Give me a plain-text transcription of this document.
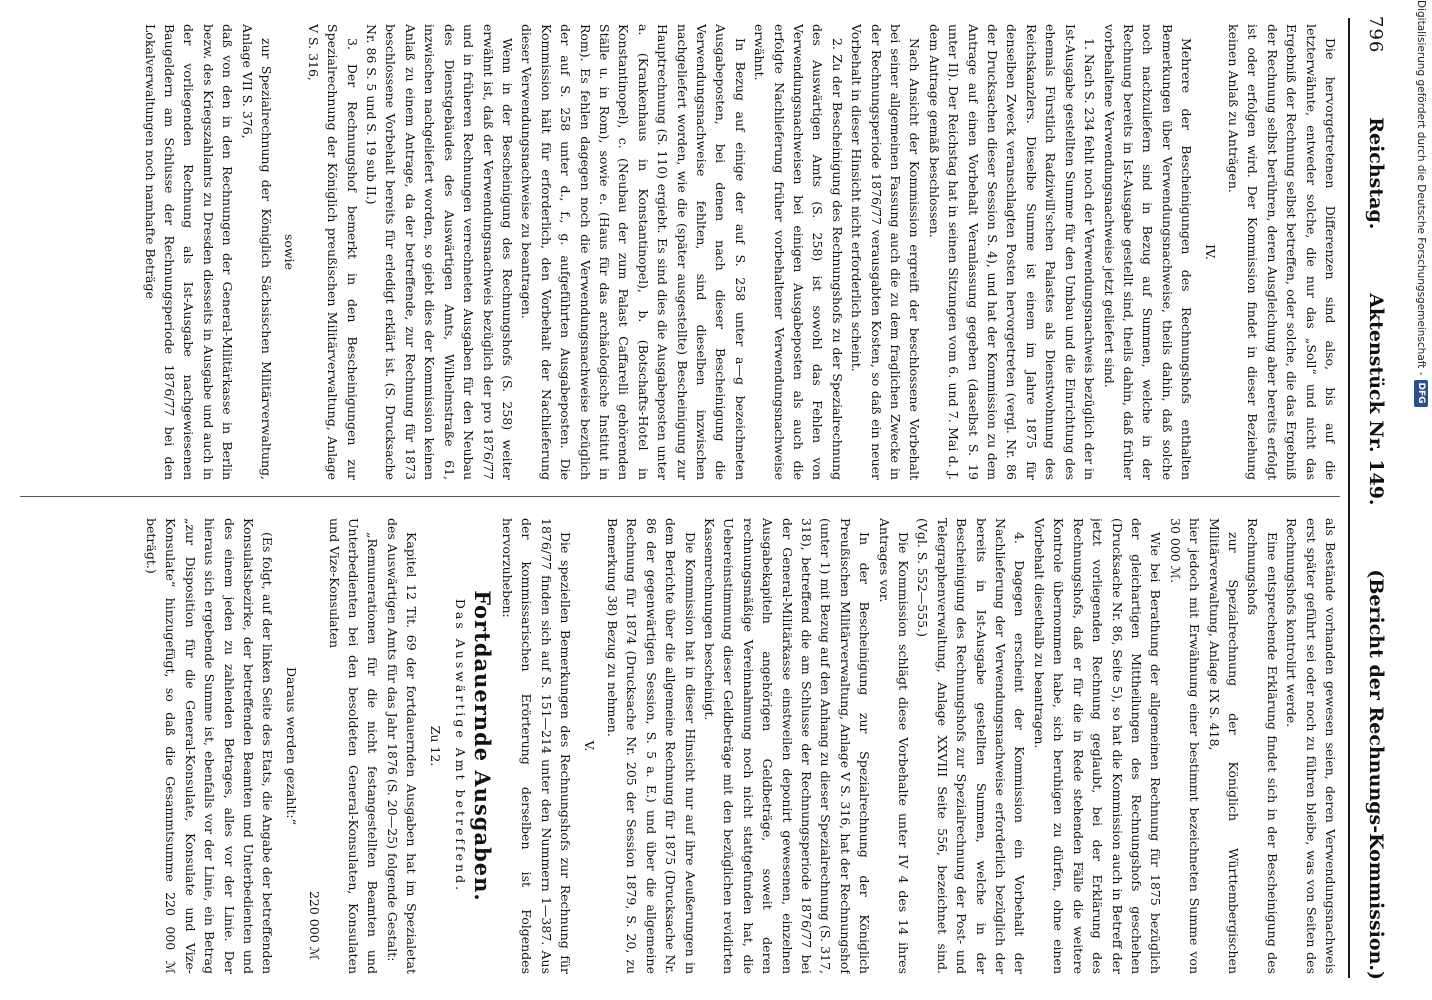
796
Reichstag.
Aktenstück Nr. 149.
(Bericht der Rechnungs-Kommission.)

Die hervorgetretenen Differenzen sind also, bis auf die letzterwähnte, entweder solche, die nur das „Soll“ und nicht das Ergebniß der Rechnung selbst betreffen, oder solche, die das Ergebniß der Rechnung selbst berühren, deren Ausgleichung aber bereits erfolgt ist oder erfolgen wird. Der Kommission findet in dieser Beziehung keinen Anlaß zu Anträgen.

IV.

Mehrere der Bescheinigungen des Rechnungshofs enthalten Bemerkungen über Verwendungsnachweise, theils dahin, daß solche noch nachzuliefern sind in Bezug auf Summen, welche in der Rechnung bereits in Ist-Ausgabe gestellt sind, theils dahin, daß früher vorbehaltene Verwendungsnachweise jetzt geliefert sind.

1. Nach S. 234 fehlt noch der Verwendungsnachweis bezüglich der in Ist-Ausgabe gestellten Summe für den Umbau und die Einrichtung des ehemals Fürstlich Radziwill'schen Palastes als Dienstwohnung des Reichskanzlers. Dieselbe Summe ist einem im Jahre 1875 für denselben Zweck veranschlagten Posten hervorgetreten (vergl. Nr. 86 der Drucksachen dieser Session S. 4), und hat der Kommission zu dem Antrage auf einen Vorbehalt Veranlassung gegeben (daselbst S. 19 unter II). Der Reichstag hat in seinen Sitzungen vom 6. und 7. Mai d. J. dem Antrage gemäß beschlossen.

Nach Ansicht der Kommission ergreift der beschlossene Vorbehalt bei seiner allgemeinen Fassung auch die zu dem fraglichen Zwecke in der Rechnungsperiode 1876/77 verausgabten Kosten, so daß ein neuer Vorbehalt in dieser Hinsicht nicht erforderlich scheint.

2. Zu der Bescheinigung des Rechnungshofs zu der Spezialrechnung des Auswärtigen Amts (S. 258) ist sowohl das Fehlen von Verwendungsnachweisen bei einigen Ausgabeposten als auch die erfolgte Nachlieferung früher vorbehaltener Verwendungsnachweise erwähnt.

In Bezug auf einige der auf S. 258 unter a—g bezeichneten Ausgabeposten, bei denen nach dieser Bescheinigung die Verwendungsnachweise fehlten, sind dieselben inzwischen nachgeliefert worden, wie die (später ausgestellte) Bescheinigung zur Hauptrechnung (S. 110) ergiebt. Es sind dies die Ausgabeposten unter a. (Krankenhaus in Konstantinopel), b. (Botschafts-Hotel in Konstantinopel), c. (Neubau der zum Palast Caffarelli gehörenden Ställe u. in Rom), sowie e. (Haus für das archäologische Institut in Rom). Es fehlen dagegen noch die Verwendungsnachweise bezüglich der auf S. 258 unter d., f., g. aufgeführten Ausgabeposten. Die Kommission hält für erforderlich, den Vorbehalt der Nachlieferung dieser Verwendungsnachweise zu beantragen.

Wenn in der Bescheinigung des Rechnungshofs (S. 258) weiter erwähnt ist, daß der Verwendungsnachweis bezüglich der pro 1876/77 und in früheren Rechnungen verrechneten Ausgaben für den Neubau des Dienstgebäudes des Auswärtigen Amts, Wilhelmstraße 61, inzwischen nachgeliefert worden, so giebt dies der Kommission keinen Anlaß zu einem Antrage, da der betreffende, zur Rechnung für 1873 beschlossene Vorbehalt bereits für erledigt erklärt ist. (S. Drucksache Nr. 86 S. 5 und S. 19 sub II.)

3. Der Rechnungshof bemerkt in den Bescheinigungen zur Spezialrechnung der Königlich preußischen Militärverwaltung, Anlage V S. 316,

sowie

zur Spezialrechnung der Königlich Sächsischen Militärverwaltung, Anlage VII S. 376,

daß von den in den Rechnungen der General-Militärkasse in Berlin bezw. des Kriegszahlamts zu Dresden diesseits in Ausgabe und auch in der vorliegenden Rechnung als Ist-Ausgabe nachgewiesenen Baugeldern am Schlusse der Rechnungsperiode 1876/77 bei den Lokalverwaltungen noch namhafte Beträge

als Bestände vorhanden gewesen seien, deren Verwendungsnachweis erst später geführt sei oder noch zu führen bleibe, was von Seiten des Rechnungshofs kontrolirt werde.

Eine entsprechende Erklärung findet sich in der Bescheinigung des Rechnungshofs

zur Spezialrechnung der Königlich Württembergischen Militärverwaltung, Anlage IX S. 418,

hier jedoch mit Erwähnung einer bestimmt bezeichneten Summe von 30 000 ℳ.

Wie bei Berathung der allgemeinen Rechnung für 1875 bezüglich der gleichartigen Mittheilungen des Rechnungshofs geschehen (Drucksache Nr. 86, Seite 5), so hat die Kommission auch in Betreff der jetzt vorliegenden Rechnung geglaubt, bei der Erklärung des Rechnungshofs, daß er für die in Rede stehenden Fälle die weitere Kontrole übernommen habe, sich beruhigen zu dürfen, ohne einen Vorbehalt diesethalb zu beantragen.

4. Dagegen erscheint der Kommission ein Vorbehalt der Nachlieferung der Verwendungsnachweise erforderlich bezüglich der bereits in Ist-Ausgabe gestellten Summen, welche in der Bescheinigung des Rechnungshofs zur Spezialrechnung der Post- und Telegraphenverwaltung, Anlage XXVIII Seite 556, bezeichnet sind. (Vgl. S. 552—555.)

Die Kommission schlägt diese Vorbehalte unter IV 4 des 14 ihres Antrages vor.

In der Bescheinigung zur Spezialrechnung der Königlich Preußischen Militärverwaltung, Anlage V S. 316, hat der Rechnungshof (unter 1) mit Bezug auf den Anhang zu dieser Spezialrechnung (S. 317, 318), betreffend die am Schlusse der Rechnungsperiode 1876/77 bei der General-Militärkasse einstweilen deponirt gewesenen, einzelnen Ausgabekapiteln angehörigen Geldbeträge, soweit deren rechnungsmäßige Vereinnahmung noch nicht stattgefunden hat, die Uebereinstimmung dieser Geldbeträge mit den bezüglichen revidirten Kassenrechnungen bescheinigt.

Die Kommission hat in dieser Hinsicht nur auf ihre Aeußerungen in dem Berichte über die allgemeine Rechnung für 1875 (Drucksache Nr. 86 der gegenwärtigen Session, S. 5 a. E.) und über die allgemeine Rechnung für 1874 (Drucksache Nr. 205 der Session 1879, S. 20, zu Bemerkung 38) Bezug zu nehmen.

V.

Die speziellen Bemerkungen des Rechnungshofs zur Rechnung für 1876/77 finden sich auf S. 151—214 unter den Nummern 1—387. Aus der kommissarischen Erörterung derselben ist Folgendes hervorzuheben:

Fortdauernde Ausgaben.
Das Auswärtige Amt betreffend.
Zu 12.

Kapitel 12 Tit. 69 der fortdauernden Ausgaben hat im Spezialetat des Auswärtigen Amts für das Jahr 1876 (S. 20—25) folgende Gestalt:

„Remunerationen für die nicht festangestellten Beamten und Unterbedienten bei den besoldeten General-Konsulaten, Konsulaten und Vize-Konsulaten

220 000 ℳ
Daraus werden gezahlt:“

(Es folgt, auf der linken Seite des Etats, die Angabe der betreffenden Konsulatsbezirke, der betreffenden Beamten und Unterbedienten und des einem jeden zu zahlenden Betrages, alles vor der Linie. Der hieraus sich ergebende Summe ist, ebenfalls vor der Linie, ein Betrag „zur Disposition für die General-Konsulate, Konsulate und Vize-Konsulate“ hinzugefügt, so daß die Gesammtsumme 220 000 ℳ beträgt.)

Digitalisierung gefördert durch die Deutsche Forschungsgemeinschaft -
DFG
